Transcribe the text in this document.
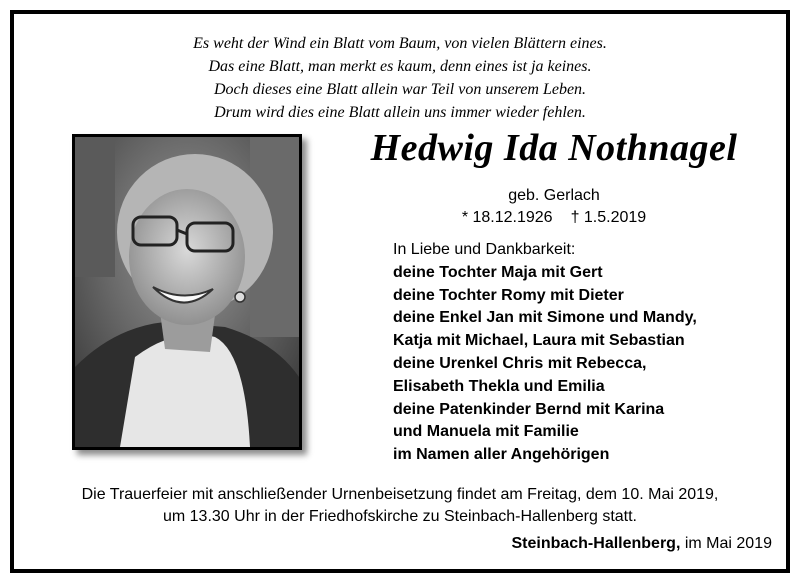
Es weht der Wind ein Blatt vom Baum, von vielen Blättern eines.
Das eine Blatt, man merkt es kaum, denn eines ist ja keines.
Doch dieses eine Blatt allein war Teil von unserem Leben.
Drum wird dies eine Blatt allein uns immer wieder fehlen.
Hedwig Ida Nothnagel
geb. Gerlach
* 18.12.1926 † 1.5.2019
In Liebe und Dankbarkeit:
deine Tochter Maja mit Gert
deine Tochter Romy mit Dieter
deine Enkel Jan mit Simone und Mandy,
Katja mit Michael, Laura mit Sebastian
deine Urenkel Chris mit Rebecca,
Elisabeth Thekla und Emilia
deine Patenkinder Bernd mit Karina
und Manuela mit Familie
im Namen aller Angehörigen
Die Trauerfeier mit anschließender Urnenbeisetzung findet am Freitag, dem 10. Mai 2019,
um 13.30 Uhr in der Friedhofskirche zu Steinbach-Hallenberg statt.
Steinbach-Hallenberg, im Mai 2019
